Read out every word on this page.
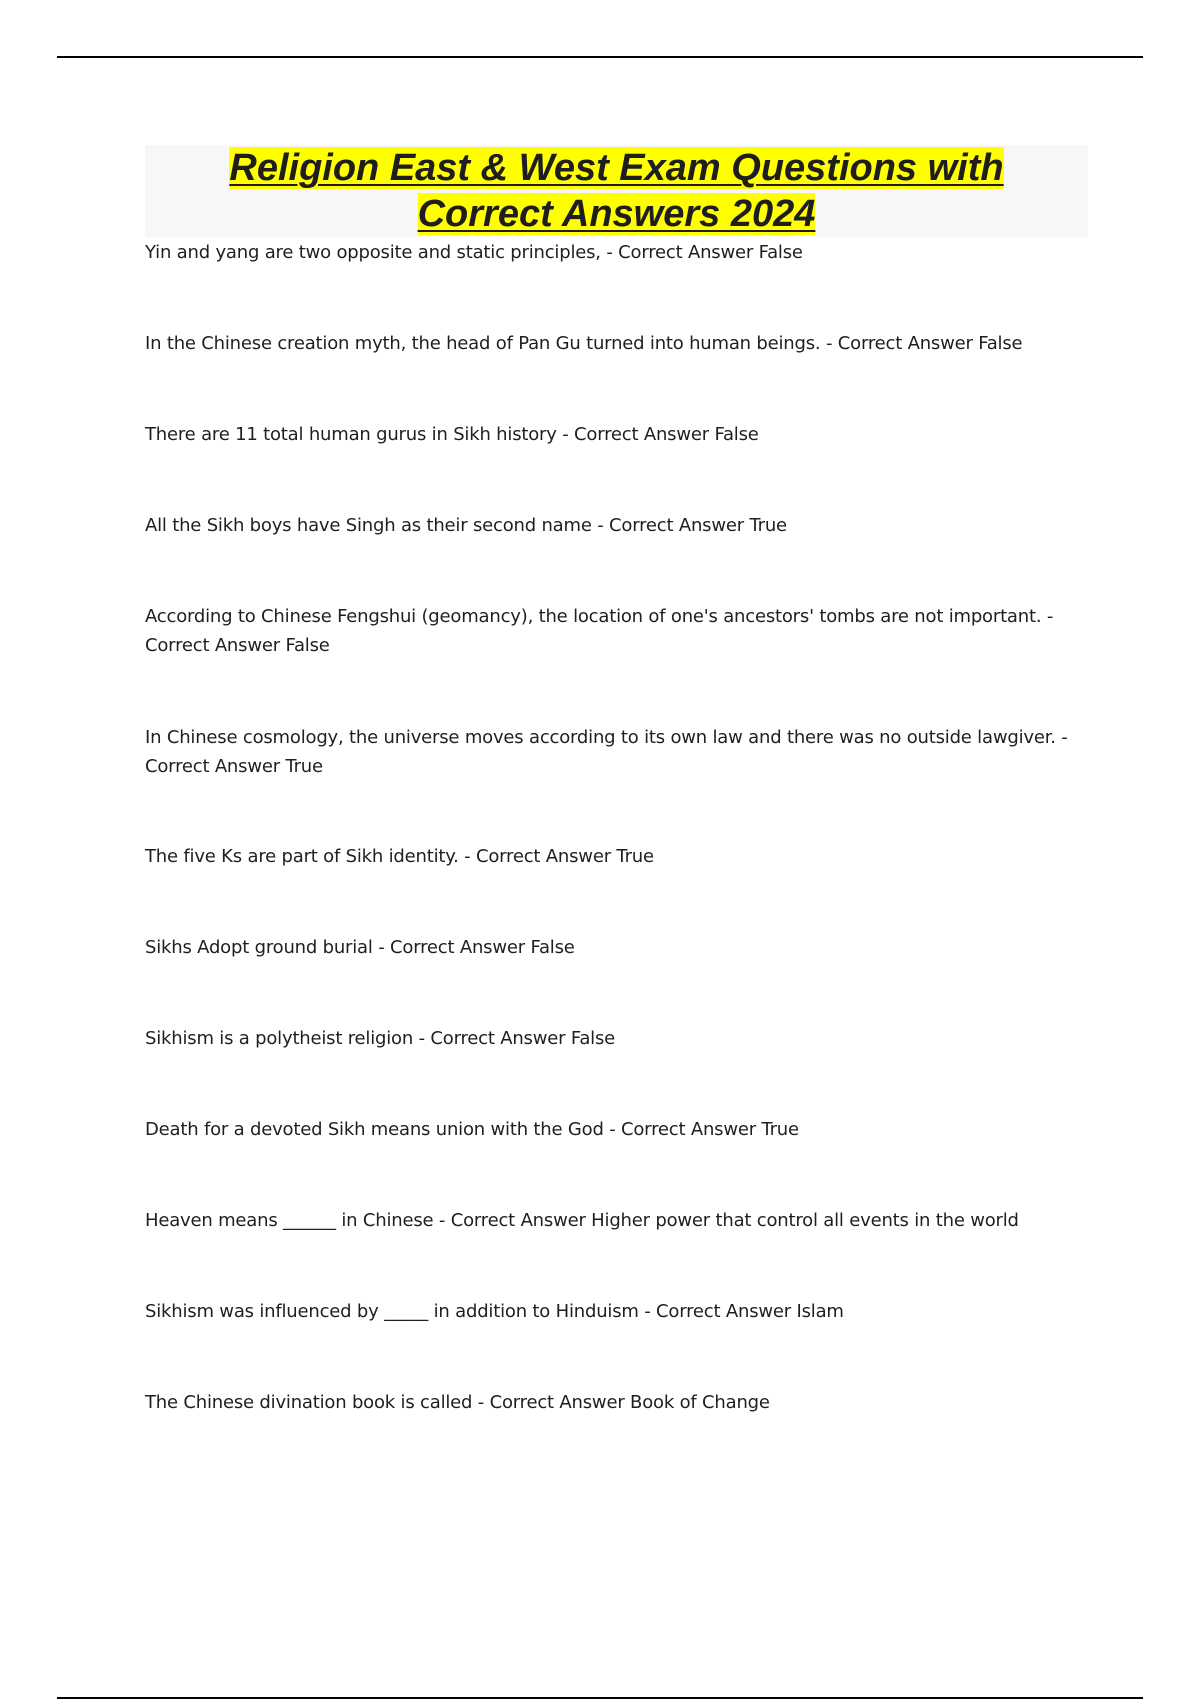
Religion East & West Exam Questions with
Correct Answers 2024
Yin and yang are two opposite and static principles, - Correct Answer False
In the Chinese creation myth, the head of Pan Gu turned into human beings. - Correct Answer False
There are 11 total human gurus in Sikh history - Correct Answer False
All the Sikh boys have Singh as their second name - Correct Answer True
According to Chinese Fengshui (geomancy), the location of one's ancestors' tombs are not important. - Correct Answer False
In Chinese cosmology, the universe moves according to its own law and there was no outside lawgiver. - Correct Answer True
The five Ks are part of Sikh identity. - Correct Answer True
Sikhs Adopt ground burial - Correct Answer False
Sikhism is a polytheist religion - Correct Answer False
Death for a devoted Sikh means union with the God - Correct Answer True
Heaven means ______ in Chinese - Correct Answer Higher power that control all events in the world
Sikhism was influenced by _____ in addition to Hinduism - Correct Answer Islam
The Chinese divination book is called - Correct Answer Book of Change
